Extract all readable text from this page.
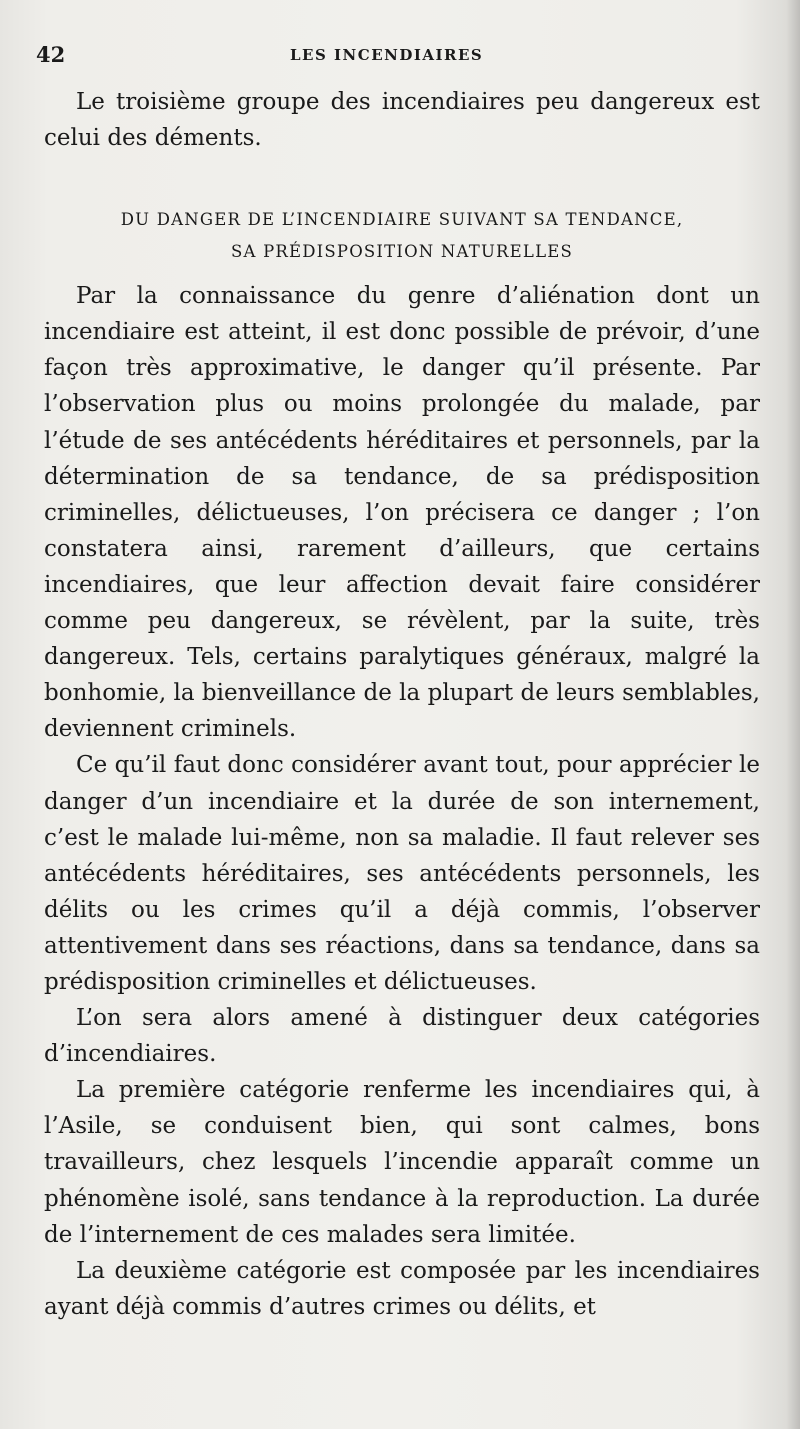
42	LES INCENDIAIRES

Le troisième groupe des incendiaires peu dangereux est celui des déments.

DU DANGER DE L’INCENDIAIRE SUIVANT SA TENDANCE,
SA PRÉDISPOSITION NATURELLES

Par la connaissance du genre d’aliénation dont un incendiaire est atteint, il est donc possible de prévoir, d’une façon très approximative, le danger qu’il présente. Par l’observation plus ou moins prolongée du malade, par l’étude de ses antécédents héréditaires et personnels, par la détermination de sa tendance, de sa prédisposition criminelles, délictueuses, l’on précisera ce danger ; l’on constatera ainsi, rarement d’ailleurs, que certains incendiaires, que leur affection devait faire considérer comme peu dangereux, se révèlent, par la suite, très dangereux. Tels, certains paralytiques généraux, malgré la bonhomie, la bienveillance de la plupart de leurs semblables, deviennent criminels.

Ce qu’il faut donc considérer avant tout, pour apprécier le danger d’un incendiaire et la durée de son internement, c’est le malade lui-même, non sa maladie. Il faut relever ses antécédents héréditaires, ses antécédents personnels, les délits ou les crimes qu’il a déjà commis, l’observer attentivement dans ses réactions, dans sa tendance, dans sa prédisposition criminelles et délictueuses.

L’on sera alors amené à distinguer deux catégories d’incendiaires.

La première catégorie renferme les incendiaires qui, à l’Asile, se conduisent bien, qui sont calmes, bons travailleurs, chez lesquels l’incendie apparaît comme un phénomène isolé, sans tendance à la reproduction. La durée de l’internement de ces malades sera limitée.

La deuxième catégorie est composée par les incendiaires ayant déjà commis d’autres crimes ou délits, et
